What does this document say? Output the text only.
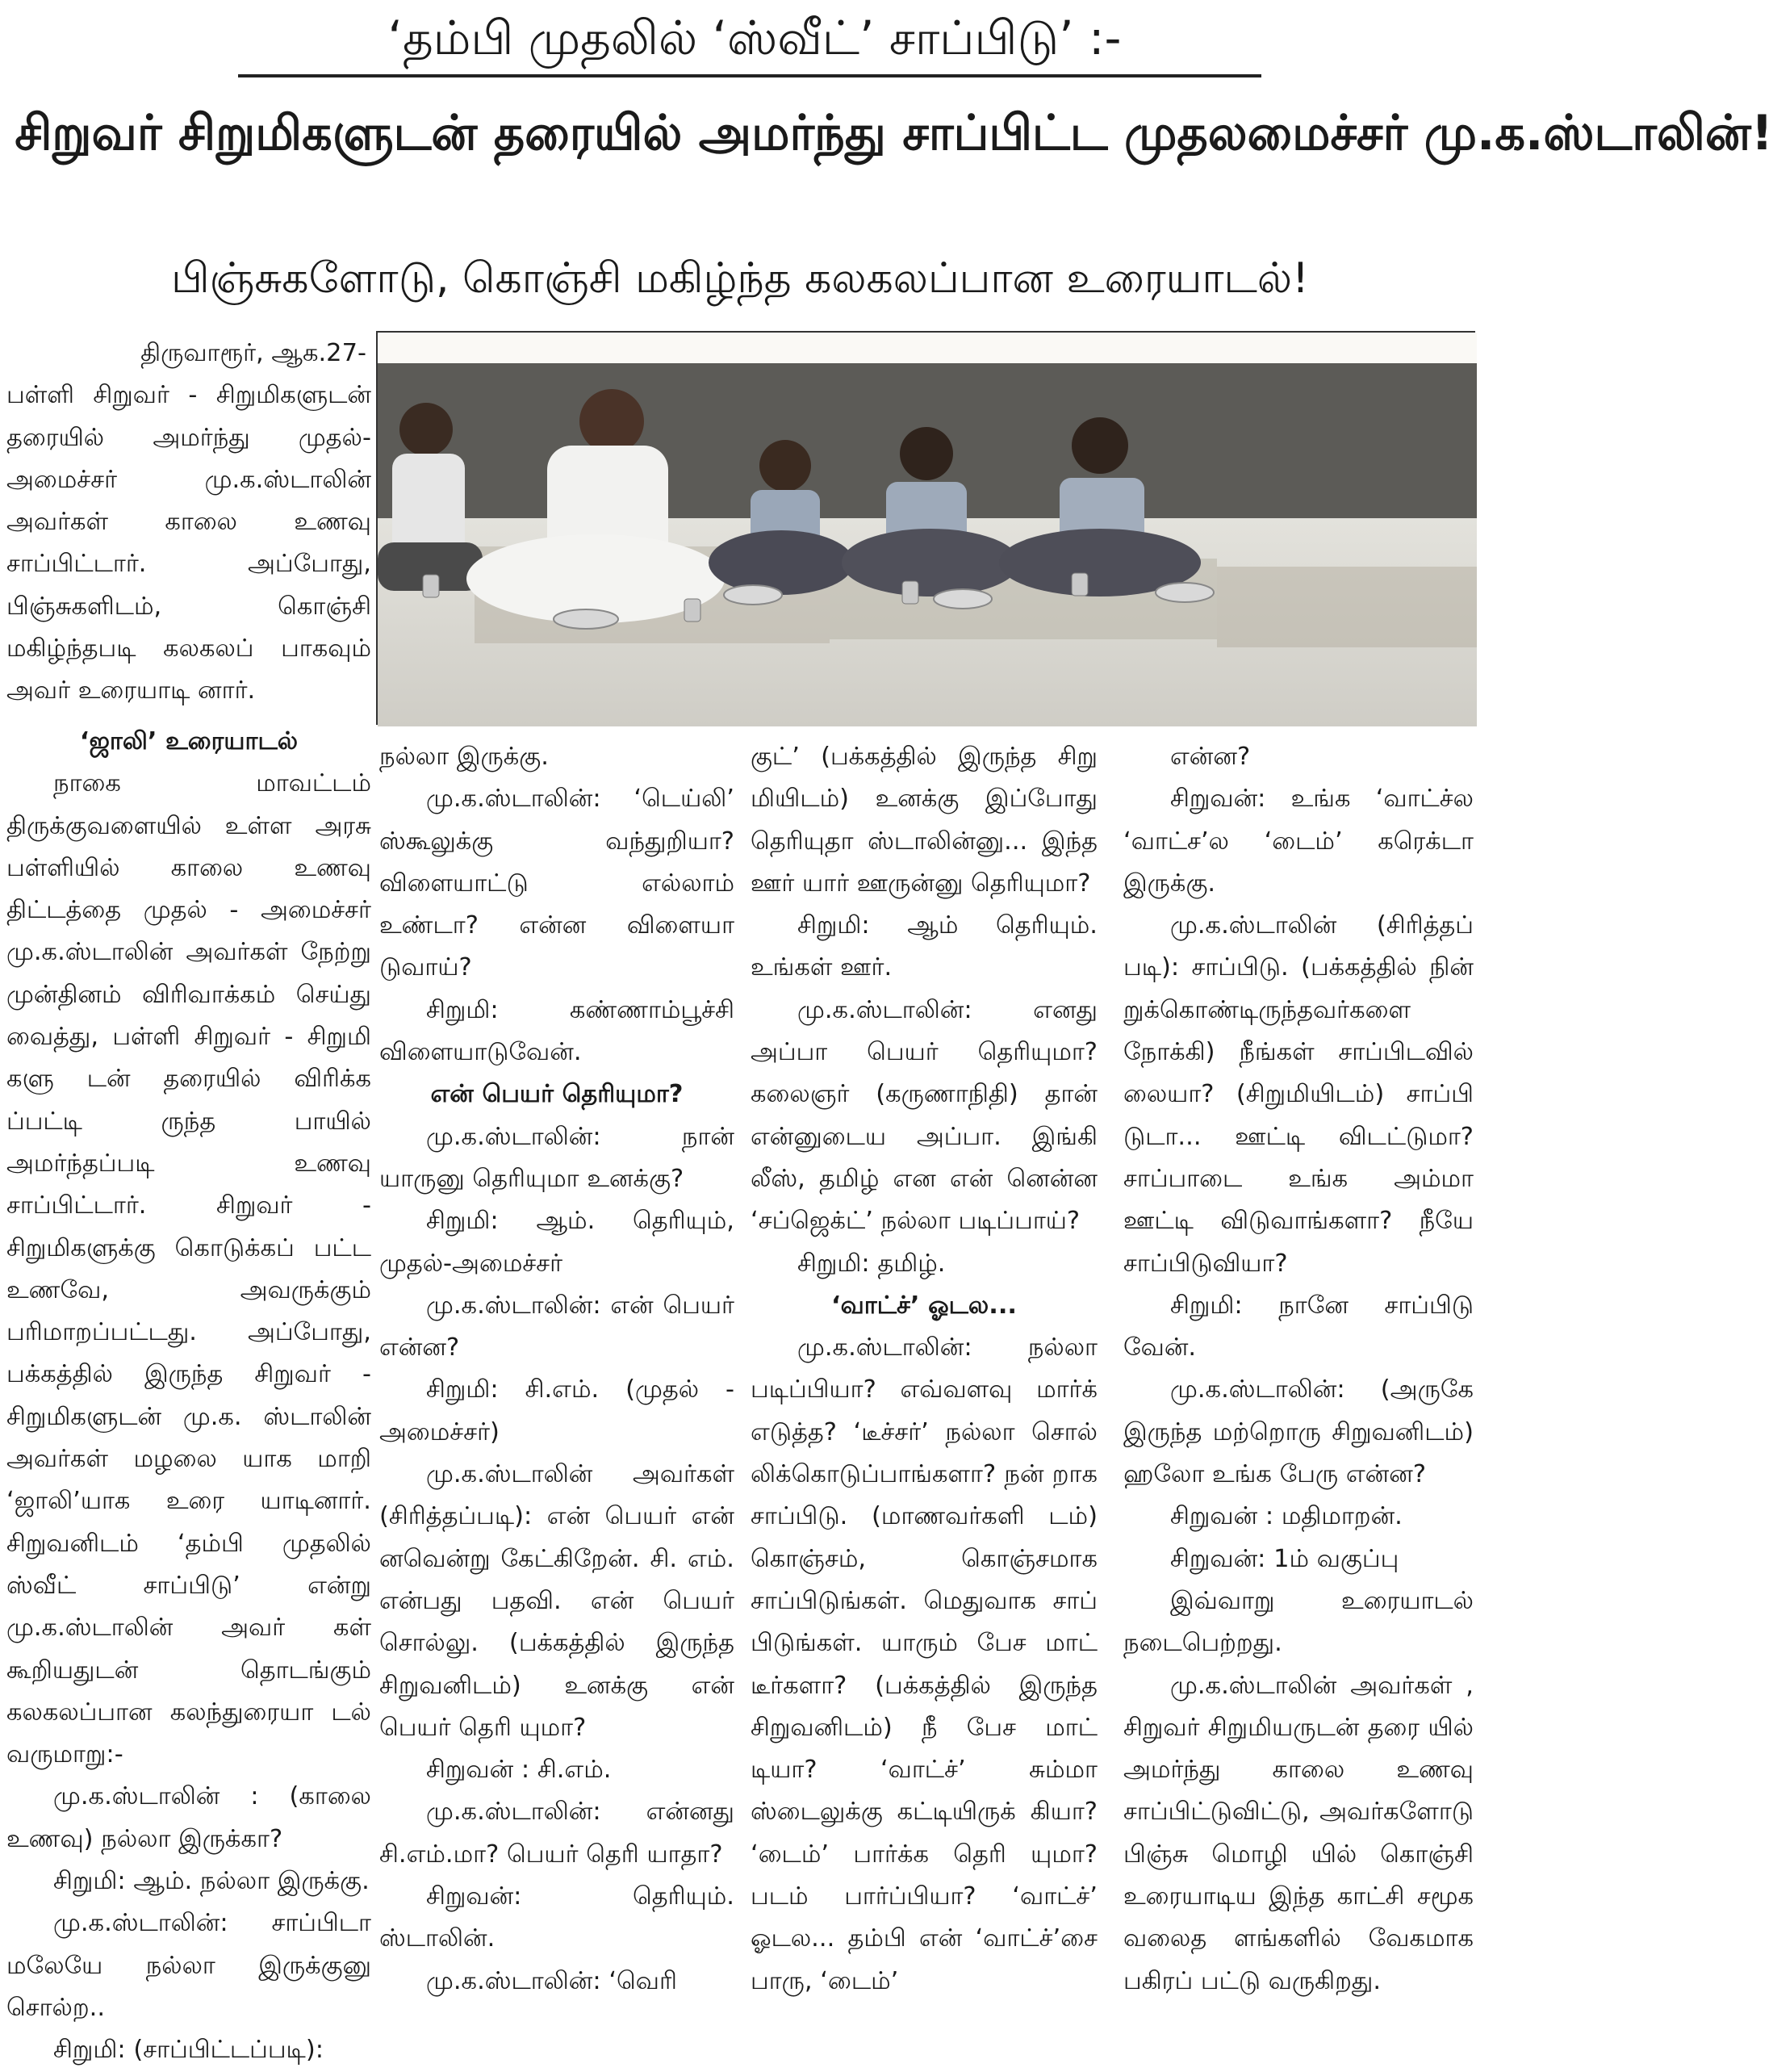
‘தம்பி முதலில் ‘ஸ்வீட்’ சாப்பிடு’ :-
சிறுவர் சிறுமிகளுடன் தரையில் அமர்ந்து சாப்பிட்ட முதலமைச்சர் மு.க.ஸ்டாலின்!
பிஞ்சுகளோடு, கொஞ்சி மகிழ்ந்த கலகலப்பான உரையாடல்!

திருவாரூர், ஆக.27-

பள்ளி சிறுவர் - சிறுமிகளுடன் தரையில் அமர்ந்து முதல்- அமைச்சர் மு.க.ஸ்டாலின் அவர்கள் காலை உணவு சாப்பிட்டார். அப்போது, பிஞ்சுகளிடம், கொஞ்சி மகிழ்ந்தபடி கலகலப் பாகவும் அவர் உரையாடி னார்.

‘ஜாலி’ உரையாடல்

நாகை மாவட்டம் திருக்குவளையில் உள்ள அரசு பள்ளியில் காலை உணவு திட்டத்தை முதல் - அமைச்சர் மு.க.ஸ்டாலின் அவர்கள் நேற்று முன்தினம் விரிவாக்கம் செய்து வைத்து, பள்ளி சிறுவர் - சிறுமி களு டன் தரையில் விரிக்க ப்பட்டி ருந்த பாயில் அமர்ந்தப்படி உணவு சாப்பிட்டார். சிறுவர் - சிறுமிகளுக்கு கொடுக்கப் பட்ட உணவே, அவருக்கும் பரிமாறப்பட்டது. அப்போது, பக்கத்தில் இருந்த சிறுவர் - சிறுமிகளுடன் மு.க. ஸ்டாலின் அவர்கள் மழலை யாக மாறி ‘ஜாலி’யாக உரை யாடினார். சிறுவனிடம் ‘தம்பி முதலில் ஸ்வீட் சாப்பிடு’ என்று மு.க.ஸ்டாலின் அவர் கள் கூறியதுடன் தொடங்கும் கலகலப்பான கலந்துரையா டல் வருமாறு:-

மு.க.ஸ்டாலின் : (காலை உணவு) நல்லா இருக்கா?

சிறுமி: ஆம். நல்லா இருக்கு.

மு.க.ஸ்டாலின்: சாப்பிடா மலேயே நல்லா இருக்குனு சொல்ற..

சிறுமி: (சாப்பிட்டப்படி):

நல்லா இருக்கு.

மு.க.ஸ்டாலின்: ‘டெய்லி’ ஸ்கூலுக்கு வந்துறியா? விளையாட்டு எல்லாம் உண்டா? என்ன விளையா டுவாய்?

சிறுமி: கண்ணாம்பூச்சி விளையாடுவேன்.

என் பெயர் தெரியுமா?

மு.க.ஸ்டாலின்: நான் யாருனு தெரியுமா உனக்கு?

சிறுமி: ஆம். தெரியும், முதல்-அமைச்சர்

மு.க.ஸ்டாலின்: என் பெயர் என்ன?

சிறுமி: சி.எம். (முதல் - அமைச்சர்)

மு.க.ஸ்டாலின் அவர்கள் (சிரித்தப்படி): என் பெயர் என் னவென்று கேட்கிறேன். சி. எம். என்பது பதவி. என் பெயர் சொல்லு. (பக்கத்தில் இருந்த சிறுவனிடம்) உனக்கு என் பெயர் தெரி யுமா?

சிறுவன் : சி.எம்.

மு.க.ஸ்டாலின்: என்னது சி.எம்.மா? பெயர் தெரி யாதா?

சிறுவன்: தெரியும். ஸ்டாலின்.

மு.க.ஸ்டாலின்: ‘வெரி

குட்’ (பக்கத்தில் இருந்த சிறு மியிடம்) உனக்கு இப்போது தெரியுதா ஸ்டாலின்னு... இந்த ஊர் யார் ஊருன்னு தெரியுமா?

சிறுமி: ஆம் தெரியும். உங்கள் ஊர்.

மு.க.ஸ்டாலின்: எனது அப்பா பெயர் தெரியுமா? கலைஞர் (கருணாநிதி) தான் என்னுடைய அப்பா. இங்கி லீஸ், தமிழ் என என் னென்ன ‘சப்ஜெக்ட்’ நல்லா படிப்பாய்?

சிறுமி: தமிழ்.

‘வாட்ச்’ ஓடல...

மு.க.ஸ்டாலின்: நல்லா படிப்பியா? எவ்வளவு மார்க் எடுத்த? ‘டீச்சர்’ நல்லா சொல் லிக்கொடுப்பாங்களா? நன் றாக சாப்பிடு. (மாணவர்களி டம்) கொஞ்சம், கொஞ்சமாக சாப்பிடுங்கள். மெதுவாக சாப் பிடுங்கள். யாரும் பேச மாட் டீர்களா? (பக்கத்தில் இருந்த சிறுவனிடம்) நீ பேச மாட் டியா? ‘வாட்ச்’ சும்மா ஸ்டைலுக்கு கட்டியிருக் கியா? ‘டைம்’ பார்க்க தெரி யுமா? படம் பார்ப்பியா? ‘வாட்ச்’ ஓடல... தம்பி என் ‘வாட்ச்’சை பாரு, ‘டைம்’

என்ன?

சிறுவன்: உங்க ‘வாட்ச்ல ‘வாட்ச’ல ‘டைம்’ கரெக்டா இருக்கு.

மு.க.ஸ்டாலின் (சிரித்தப் படி): சாப்பிடு. (பக்கத்தில் நின் றுக்கொண்டிருந்தவர்களை நோக்கி) நீங்கள் சாப்பிடவில் லையா? (சிறுமியிடம்) சாப்பி டுடா... ஊட்டி விடட்டுமா? சாப்பாடை உங்க அம்மா ஊட்டி விடுவாங்களா? நீயே சாப்பிடுவியா?

சிறுமி: நானே சாப்பிடு வேன்.

மு.க.ஸ்டாலின்: (அருகே இருந்த மற்றொரு சிறுவனிடம்) ஹலோ உங்க பேரு என்ன?

சிறுவன் : மதிமாறன்.

சிறுவன்: 1ம் வகுப்பு

இவ்வாறு உரையாடல் நடைபெற்றது.

மு.க.ஸ்டாலின் அவர்கள் , சிறுவர் சிறுமியருடன் தரை யில் அமர்ந்து காலை உணவு சாப்பிட்டுவிட்டு, அவர்களோடு பிஞ்சு மொழி யில் கொஞ்சி உரையாடிய இந்த காட்சி சமூக வலைத ளங்களில் வேகமாக பகிரப் பட்டு வருகிறது.
